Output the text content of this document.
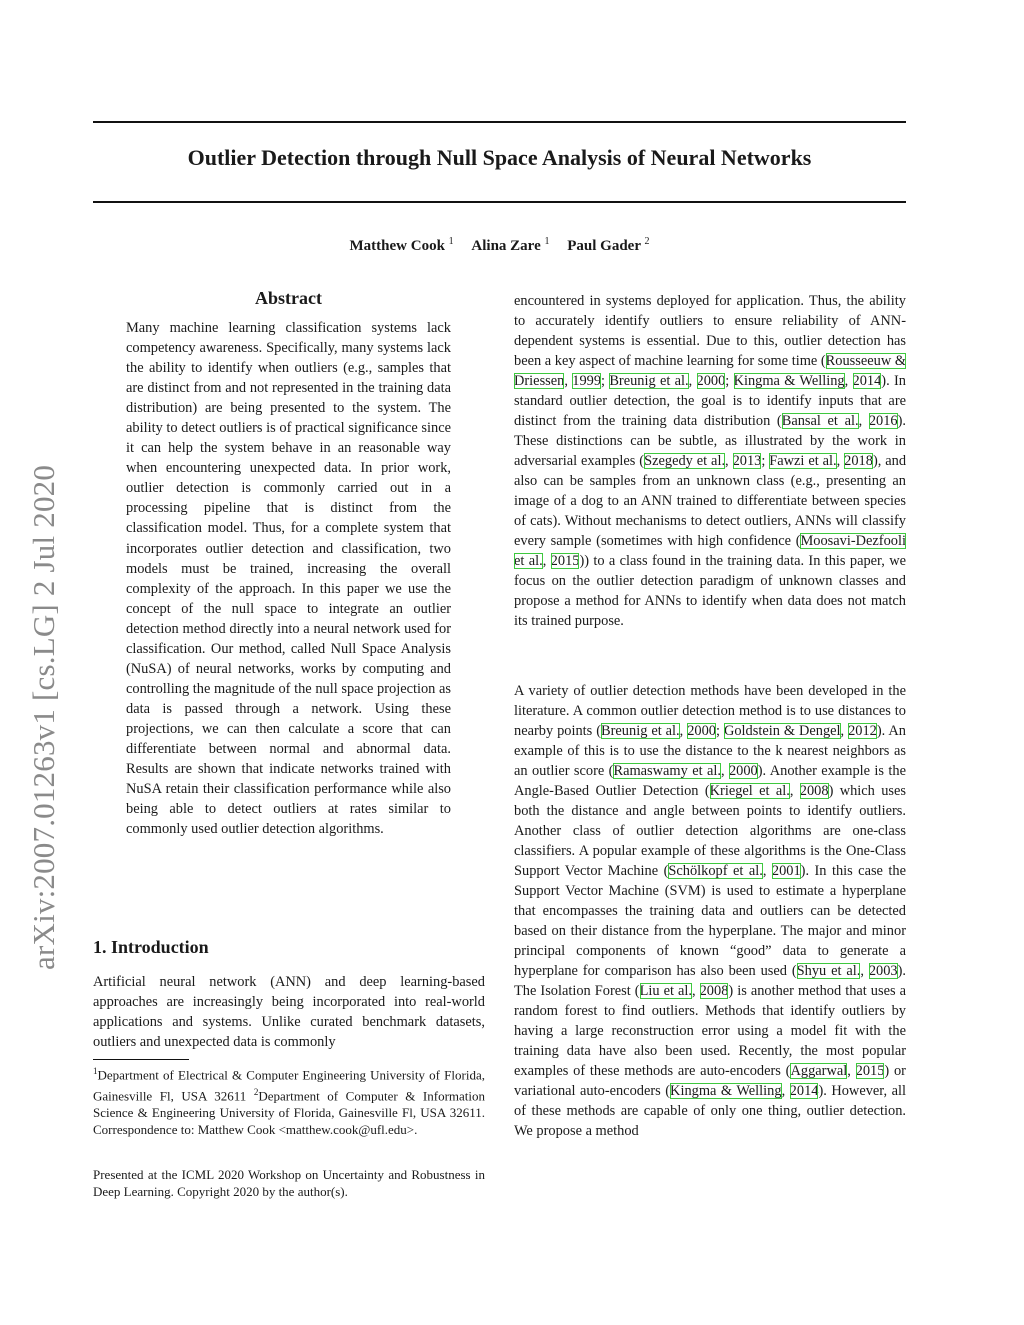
Outlier Detection through Null Space Analysis of Neural Networks
Matthew Cook $^1$ Alina Zare $^1$ Paul Gader $^2$
arXiv:2007.01263v1 [cs.LG] 2 Jul 2020
Abstract

Many machine learning classification systems lack competency awareness. Specifically, many systems lack the ability to identify when outliers (e.g., samples that are distinct from and not represented in the training data distribution) are being presented to the system. The ability to detect outliers is of practical significance since it can help the system behave in an reasonable way when encountering unexpected data. In prior work, outlier detection is commonly carried out in a processing pipeline that is distinct from the classification model. Thus, for a complete system that incorporates outlier detection and classification, two models must be trained, increasing the overall complexity of the approach. In this paper we use the concept of the null space to integrate an outlier detection method directly into a neural network used for classification. Our method, called Null Space Analysis (NuSA) of neural networks, works by computing and controlling the magnitude of the null space projection as data is passed through a network. Using these projections, we can then calculate a score that can differentiate between normal and abnormal data. Results are shown that indicate networks trained with NuSA retain their classification performance while also being able to detect outliers at rates similar to commonly used outlier detection algorithms.

1. Introduction

Artificial neural network (ANN) and deep learning-based approaches are increasingly being incorporated into real-world applications and systems. Unlike curated benchmark datasets, outliers and unexpected data is commonly

$^1$Department of Electrical & Computer Engineering University of Florida, Gainesville Fl, USA 32611 $^2$Department of Computer & Information Science & Engineering University of Florida, Gainesville Fl, USA 32611. Correspondence to: Matthew Cook <matthew.cook@ufl.edu>.

Presented at the ICML 2020 Workshop on Uncertainty and Robustness in Deep Learning. Copyright 2020 by the author(s).

encountered in systems deployed for application. Thus, the ability to accurately identify outliers to ensure reliability of ANN-dependent systems is essential. Due to this, outlier detection has been a key aspect of machine learning for some time (Rousseeuw & Driessen, 1999; Breunig et al., 2000; Kingma & Welling, 2014). In standard outlier detection, the goal is to identify inputs that are distinct from the training data distribution (Bansal et al., 2016). These distinctions can be subtle, as illustrated by the work in adversarial examples (Szegedy et al., 2013; Fawzi et al., 2018), and also can be samples from an unknown class (e.g., presenting an image of a dog to an ANN trained to differentiate between species of cats). Without mechanisms to detect outliers, ANNs will classify every sample (sometimes with high confidence (Moosavi-Dezfooli et al., 2015)) to a class found in the training data. In this paper, we focus on the outlier detection paradigm of unknown classes and propose a method for ANNs to identify when data does not match its trained purpose.

A variety of outlier detection methods have been developed in the literature. A common outlier detection method is to use distances to nearby points (Breunig et al., 2000; Goldstein & Dengel, 2012). An example of this is to use the distance to the k nearest neighbors as an outlier score (Ramaswamy et al., 2000). Another example is the Angle-Based Outlier Detection (Kriegel et al., 2008) which uses both the distance and angle between points to identify outliers. Another class of outlier detection algorithms are one-class classifiers. A popular example of these algorithms is the One-Class Support Vector Machine (Schölkopf et al., 2001). In this case the Support Vector Machine (SVM) is used to estimate a hyperplane that encompasses the training data and outliers can be detected based on their distance from the hyperplane. The major and minor principal components of known “good” data to generate a hyperplane for comparison has also been used (Shyu et al., 2003). The Isolation Forest (Liu et al., 2008) is another method that uses a random forest to find outliers. Methods that identify outliers by having a large reconstruction error using a model fit with the training data have also been used. Recently, the most popular examples of these methods are auto-encoders (Aggarwal, 2015) or variational auto-encoders (Kingma & Welling, 2014). However, all of these methods are capable of only one thing, outlier detection. We propose a method
